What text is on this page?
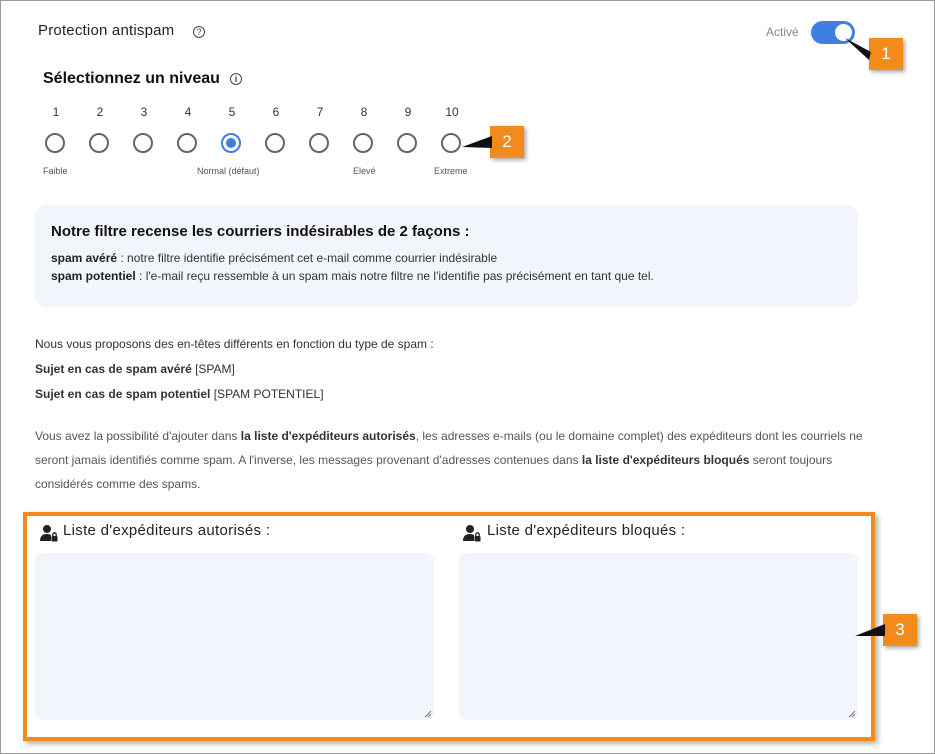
Protection antispam	?	Activé
1
Sélectionnez un niveau	i
1	2	3	4	5	6	7	8	9	10
Faible	Normal (défaut)	Elevé	Extreme
2
Notre filtre recense les courriers indésirables de 2 façons :

spam avéré : notre filtre identifie précisément cet e-mail comme courrier indésirable

spam potentiel : l'e-mail reçu ressemble à un spam mais notre filtre ne l'identifie pas précisément en tant que tel.

Nous vous proposons des en-têtes différents en fonction du type de spam :
Sujet en cas de spam avéré [SPAM]
Sujet en cas de spam potentiel [SPAM POTENTIEL]
Vous avez la possibilité d'ajouter dans la liste d'expéditeurs autorisés, les adresses e-mails (ou le domaine complet) des expéditeurs dont les courriels ne seront jamais identifiés comme spam. A l'inverse, les messages provenant d'adresses contenues dans la liste d'expéditeurs bloqués seront toujours considérés comme des spams.
Liste d'expéditeurs autorisés :	Liste d'expéditeurs bloqués :
3
